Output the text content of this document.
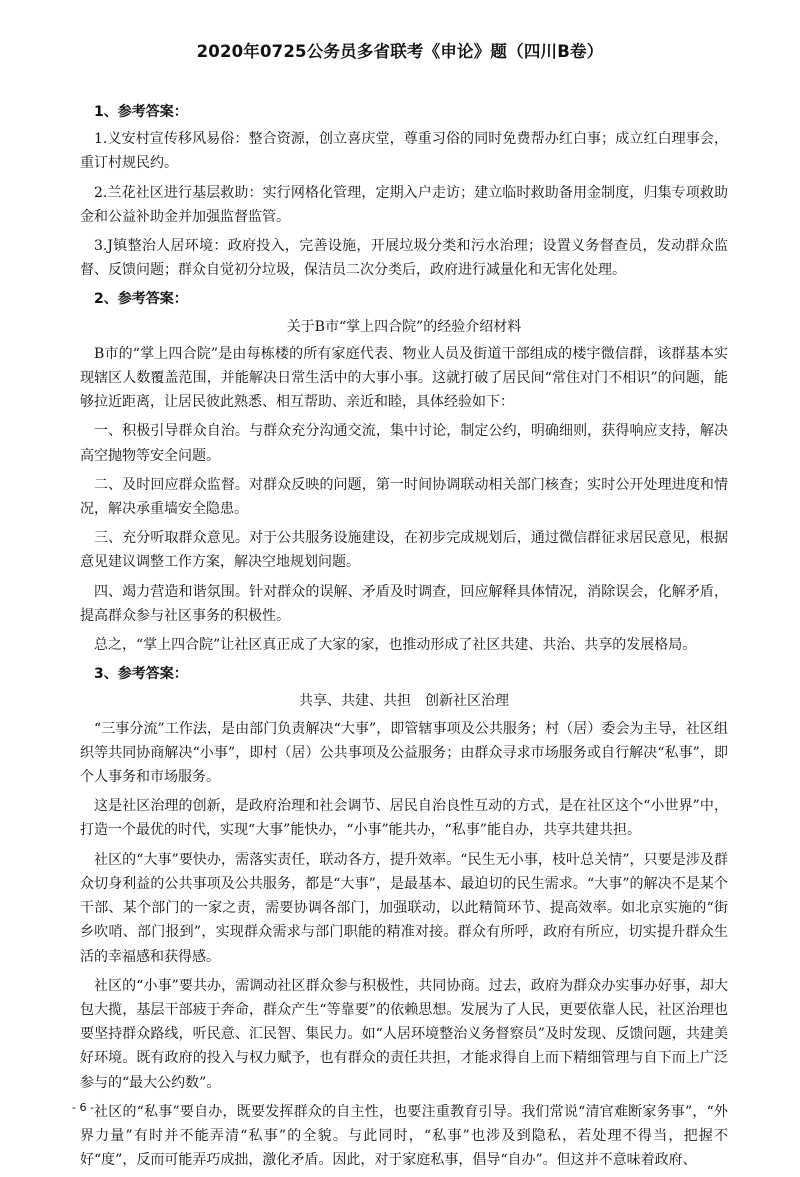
2020年0725公务员多省联考《申论》题（四川B卷）

1、参考答案：

1.义安村宣传移风易俗：整合资源，创立喜庆堂，尊重习俗的同时免费帮办红白事；成立红白理事会，重订村规民约。

2.兰花社区进行基层救助：实行网格化管理，定期入户走访；建立临时救助备用金制度，归集专项救助金和公益补助金并加强监督监管。

3.J镇整治人居环境：政府投入，完善设施，开展垃圾分类和污水治理；设置义务督查员，发动群众监督、反馈问题；群众自觉初分垃圾，保洁员二次分类后，政府进行减量化和无害化处理。

2、参考答案：

关于B市“掌上四合院”的经验介绍材料

B市的“掌上四合院”是由每栋楼的所有家庭代表、物业人员及街道干部组成的楼宇微信群，该群基本实现辖区人数覆盖范围，并能解决日常生活中的大事小事。这就打破了居民间“常住对门不相识”的问题，能够拉近距离，让居民彼此熟悉、相互帮助、亲近和睦，具体经验如下：

一、积极引导群众自治。与群众充分沟通交流，集中讨论，制定公约，明确细则，获得响应支持，解决高空抛物等安全问题。

二、及时回应群众监督。对群众反映的问题，第一时间协调联动相关部门核查；实时公开处理进度和情况，解决承重墙安全隐患。

三、充分听取群众意见。对于公共服务设施建设，在初步完成规划后，通过微信群征求居民意见，根据意见建议调整工作方案，解决空地规划问题。

四、竭力营造和谐氛围。针对群众的误解、矛盾及时调查，回应解释具体情况，消除误会，化解矛盾，提高群众参与社区事务的积极性。

总之，“掌上四合院”让社区真正成了大家的家，也推动形成了社区共建、共治、共享的发展格局。

3、参考答案：

共享、共建、共担　创新社区治理

“三事分流”工作法，是由部门负责解决“大事”，即管辖事项及公共服务；村（居）委会为主导，社区组织等共同协商解决“小事”，即村（居）公共事项及公益服务；由群众寻求市场服务或自行解决“私事”，即个人事务和市场服务。

这是社区治理的创新，是政府治理和社会调节、居民自治良性互动的方式，是在社区这个“小世界”中，打造一个最优的时代，实现“大事”能快办，“小事”能共办，“私事”能自办，共享共建共担。

社区的“大事”要快办，需落实责任，联动各方，提升效率。“民生无小事，枝叶总关情”，只要是涉及群众切身利益的公共事项及公共服务，都是“大事”，是最基本、最迫切的民生需求。“大事”的解决不是某个干部、某个部门的一家之责，需要协调各部门，加强联动，以此精简环节、提高效率。如北京实施的“街乡吹哨、部门报到”，实现群众需求与部门职能的精准对接。群众有所呼，政府有所应，切实提升群众生活的幸福感和获得感。

社区的“小事”要共办，需调动社区群众参与积极性，共同协商。过去，政府为群众办实事办好事，却大包大揽，基层干部疲于奔命，群众产生“等靠要”的依赖思想。发展为了人民，更要依靠人民，社区治理也要坚持群众路线，听民意、汇民智、集民力。如“人居环境整治义务督察员”及时发现、反馈问题，共建美好环境。既有政府的投入与权力赋予，也有群众的责任共担，才能求得自上而下精细管理与自下而上广泛参与的“最大公约数”。

社区的“私事”要自办，既要发挥群众的自主性，也要注重教育引导。我们常说“清官难断家务事”，“外界力量”有时并不能弄清“私事”的全貌。与此同时，“私事”也涉及到隐私，若处理不得当，把握不好“度”，反而可能弄巧成拙，激化矛盾。因此，对于家庭私事，倡导“自办”。但这并不意味着政府、

- 6 -
